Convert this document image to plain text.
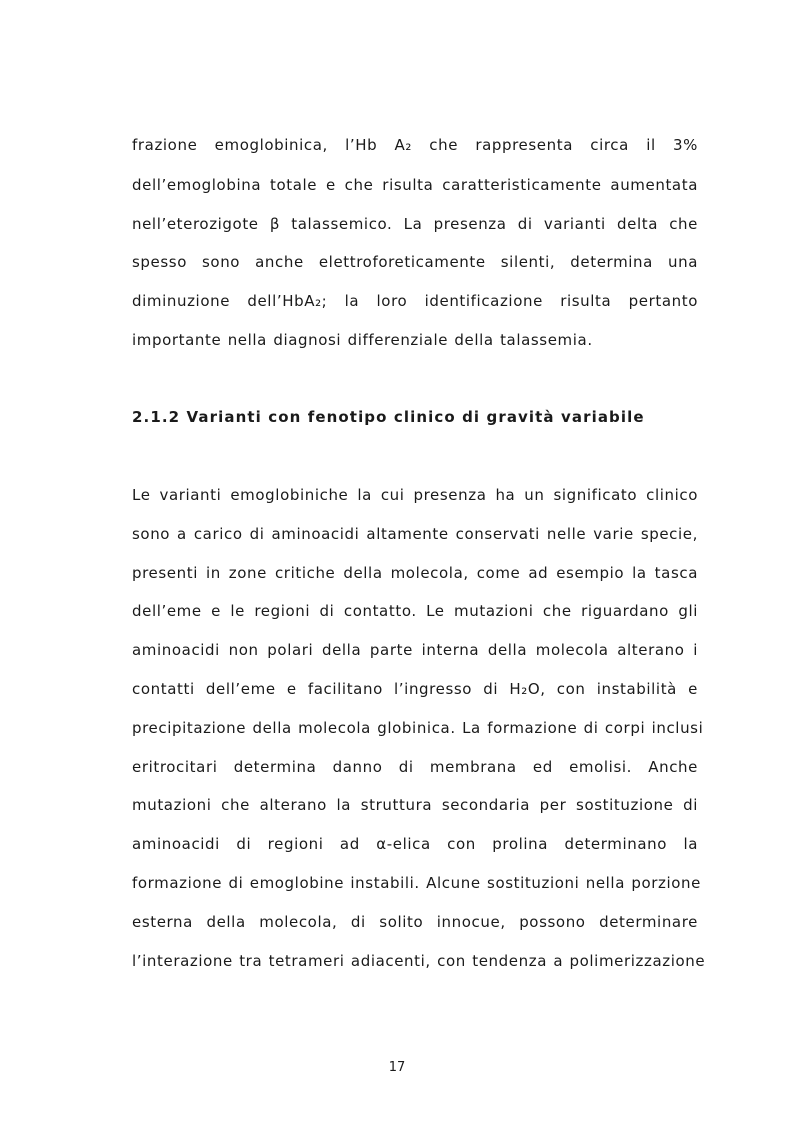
frazione emoglobinica, l’Hb A₂ che rappresenta circa il 3%
dell’emoglobina totale e che risulta caratteristicamente aumentata
nell’eterozigote β talassemico. La presenza di varianti delta che
spesso sono anche elettroforeticamente silenti, determina una
diminuzione dell’HbA₂; la loro identificazione risulta pertanto
importante nella diagnosi differenziale della talassemia.
2.1.2 Varianti con fenotipo clinico di gravità variabile
Le varianti emoglobiniche la cui presenza ha un significato clinico
sono a carico di aminoacidi altamente conservati nelle varie specie,
presenti in zone critiche della molecola, come ad esempio la tasca
dell’eme e le regioni di contatto. Le mutazioni che riguardano gli
aminoacidi non polari della parte interna della molecola alterano i
contatti dell’eme e facilitano l’ingresso di H₂O, con instabilità e
precipitazione della molecola globinica. La formazione di corpi inclusi
eritrocitari determina danno di membrana ed emolisi. Anche
mutazioni che alterano la struttura secondaria per sostituzione di
aminoacidi di regioni ad α-elica con prolina determinano la
formazione di emoglobine instabili. Alcune sostituzioni nella porzione
esterna della molecola, di solito innocue, possono determinare
l’interazione tra tetrameri adiacenti, con tendenza a polimerizzazione
17
